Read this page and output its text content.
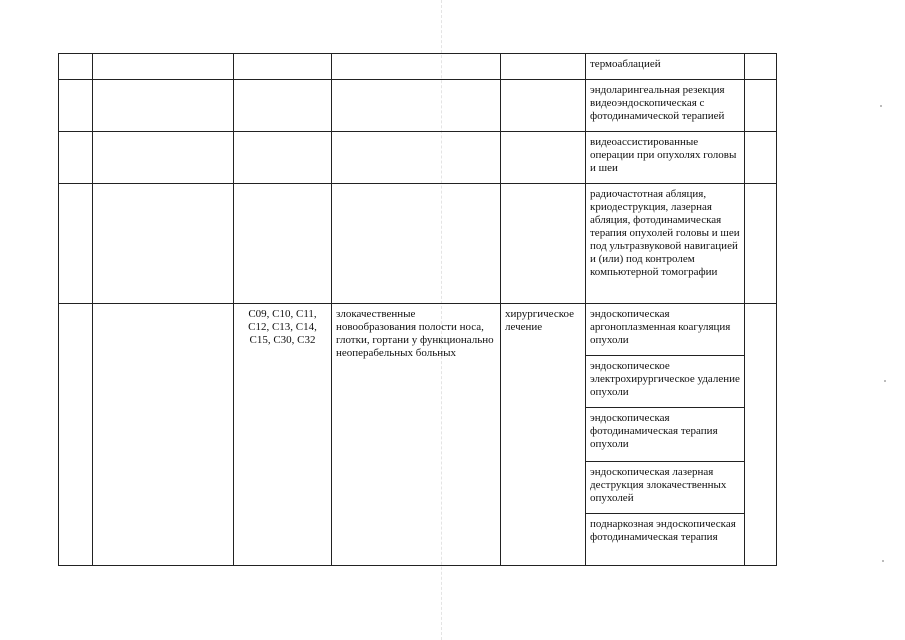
					термоаблацией	
					эндоларингеальная резекция видеоэндоскопическая с фотодинамической терапией	
					видеоассистированные операции при опухолях головы и шеи	
					радиочастотная абляция, криодеструкция, лазерная абляция, фотодинамическая терапия опухолей головы и шеи под ультразвуковой навигацией и (или) под контролем компьютерной томографии	
		C09, C10, C11, C12, C13, C14, C15, C30, C32	злокачественные новообразования полости носа, глотки, гортани у функционально неоперабельных больных	хирургическое лечение	эндоскопическая аргоноплазменная коагуляция опухоли	
					эндоскопическое электрохирургическое удаление опухоли	
					эндоскопическая фотодинамическая терапия опухоли	
					эндоскопическая лазерная деструкция злокачественных опухолей	
					поднаркозная эндоскопическая фотодинамическая терапия	
